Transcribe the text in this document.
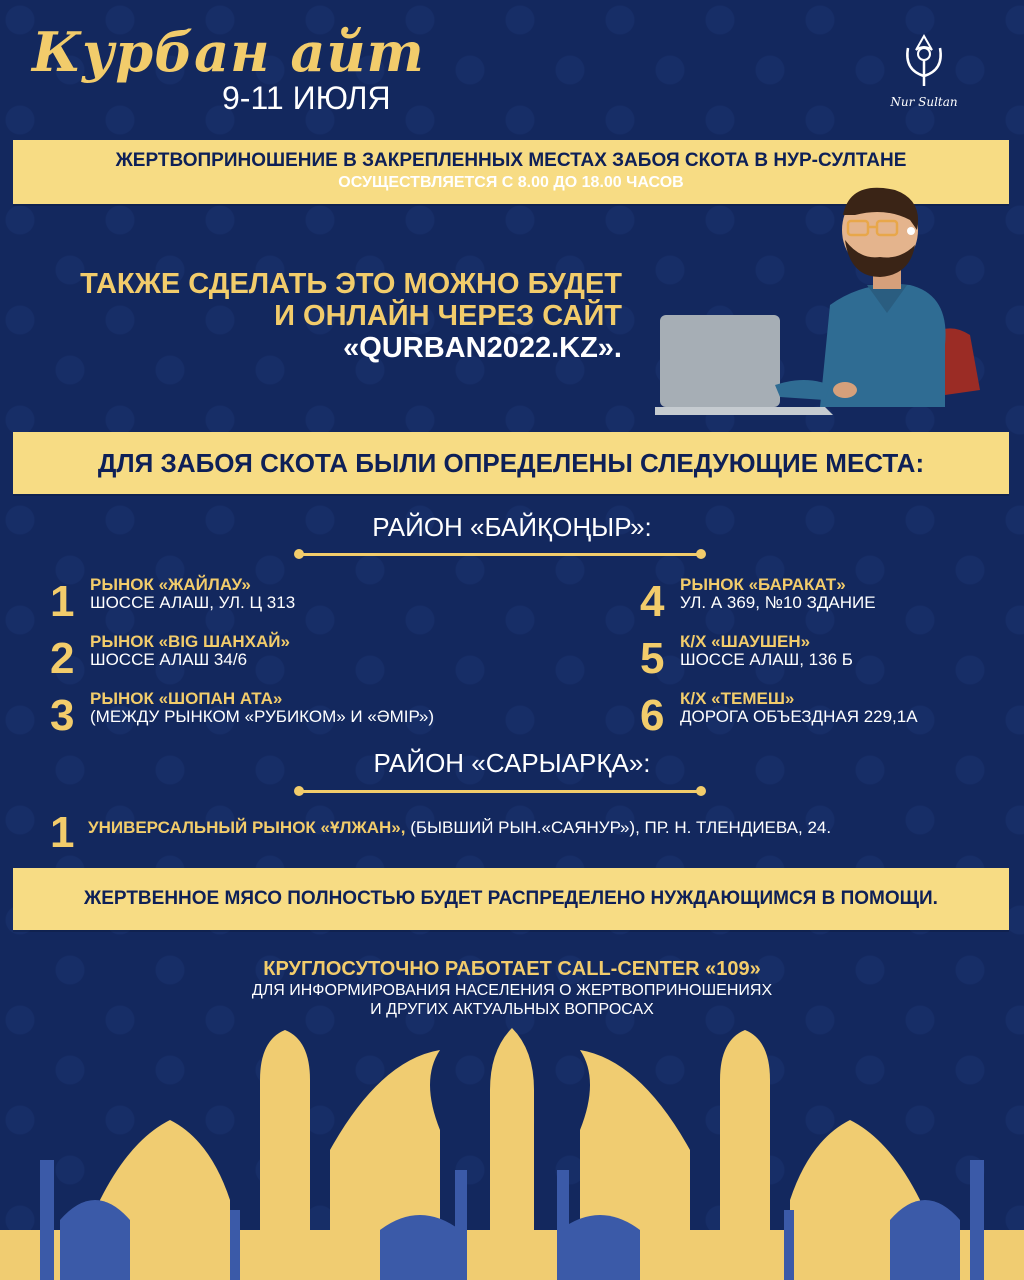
Курбан айт
9-11 ИЮЛЯ	Nur Sultan
ЖЕРТВОПРИНОШЕНИЕ В ЗАКРЕПЛЕННЫХ МЕСТАХ ЗАБОЯ СКОТА В НУР-СУЛТАНЕ
ОСУЩЕСТВЛЯЕТСЯ С 8.00 ДО 18.00 ЧАСОВ
ТАКЖЕ СДЕЛАТЬ ЭТО МОЖНО БУДЕТ
И ОНЛАЙН ЧЕРЕЗ САЙТ
«QURBAN2022.KZ».
ДЛЯ ЗАБОЯ СКОТА БЫЛИ ОПРЕДЕЛЕНЫ СЛЕДУЮЩИЕ МЕСТА:
РАЙОН «БАЙҚОҢЫР»:
1 РЫНОК «ЖАЙЛАУ»
ШОССЕ АЛАШ, УЛ. Ц 313
2 РЫНОК «BIG ШАНХАЙ»
ШОССЕ АЛАШ 34/6
3 РЫНОК «ШОПАН АТА»
(МЕЖДУ РЫНКОМ «РУБИКОМ» И «ӘМІР»)
4 РЫНОК «БАРАКАТ»
УЛ. А 369, №10 ЗДАНИЕ
5 К/Х «ШАУШЕН»
ШОССЕ АЛАШ, 136 Б
6 К/Х «ТЕМЕШ»
ДОРОГА ОБЪЕЗДНАЯ 229,1А
РАЙОН «САРЫАРҚА»:
1 УНИВЕРСАЛЬНЫЙ РЫНОК «ҰЛЖАН», (БЫВШИЙ РЫН.«САЯНУР»), ПР. Н. ТЛЕНДИЕВА, 24.
ЖЕРТВЕННОЕ МЯСО ПОЛНОСТЬЮ БУДЕТ РАСПРЕДЕЛЕНО НУЖДАЮЩИМСЯ В ПОМОЩИ.
КРУГЛОСУТОЧНО РАБОТАЕТ CALL-CENTER «109»
ДЛЯ ИНФОРМИРОВАНИЯ НАСЕЛЕНИЯ О ЖЕРТВОПРИНОШЕНИЯХ
И ДРУГИХ АКТУАЛЬНЫХ ВОПРОСАХ
